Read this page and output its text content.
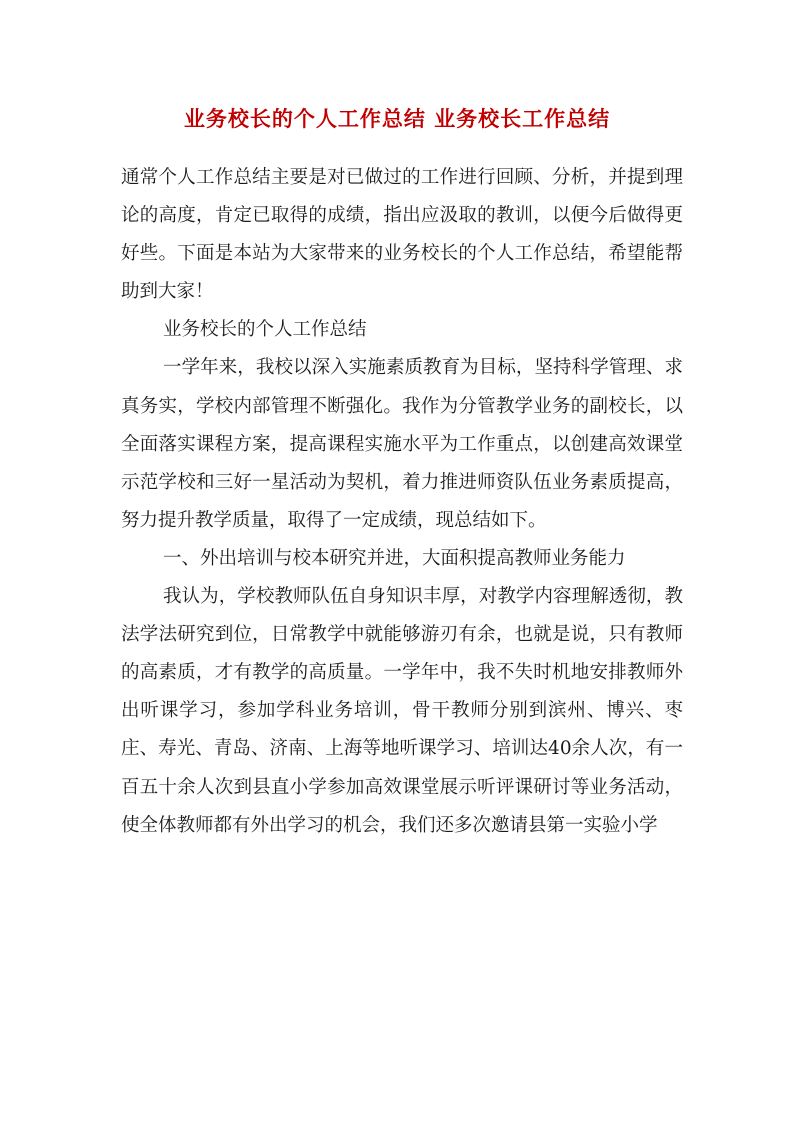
业务校长的个人工作总结 业务校长工作总结

通常个人工作总结主要是对已做过的工作进行回顾、分析，并提到理论的高度，肯定已取得的成绩，指出应汲取的教训，以便今后做得更好些。下面是本站为大家带来的业务校长的个人工作总结，希望能帮助到大家！

业务校长的个人工作总结

一学年来，我校以深入实施素质教育为目标，坚持科学管理、求真务实，学校内部管理不断强化。我作为分管教学业务的副校长，以全面落实课程方案，提高课程实施水平为工作重点，以创建高效课堂示范学校和三好一星活动为契机，着力推进师资队伍业务素质提高，努力提升教学质量，取得了一定成绩，现总结如下。

一、外出培训与校本研究并进，大面积提高教师业务能力

我认为，学校教师队伍自身知识丰厚，对教学内容理解透彻，教法学法研究到位，日常教学中就能够游刃有余，也就是说，只有教师的高素质，才有教学的高质量。一学年中，我不失时机地安排教师外出听课学习，参加学科业务培训，骨干教师分别到滨州、博兴、枣庄、寿光、青岛、济南、上海等地听课学习、培训达40余人次，有一百五十余人次到县直小学参加高效课堂展示听评课研讨等业务活动，使全体教师都有外出学习的机会，我们还多次邀请县第一实验小学
